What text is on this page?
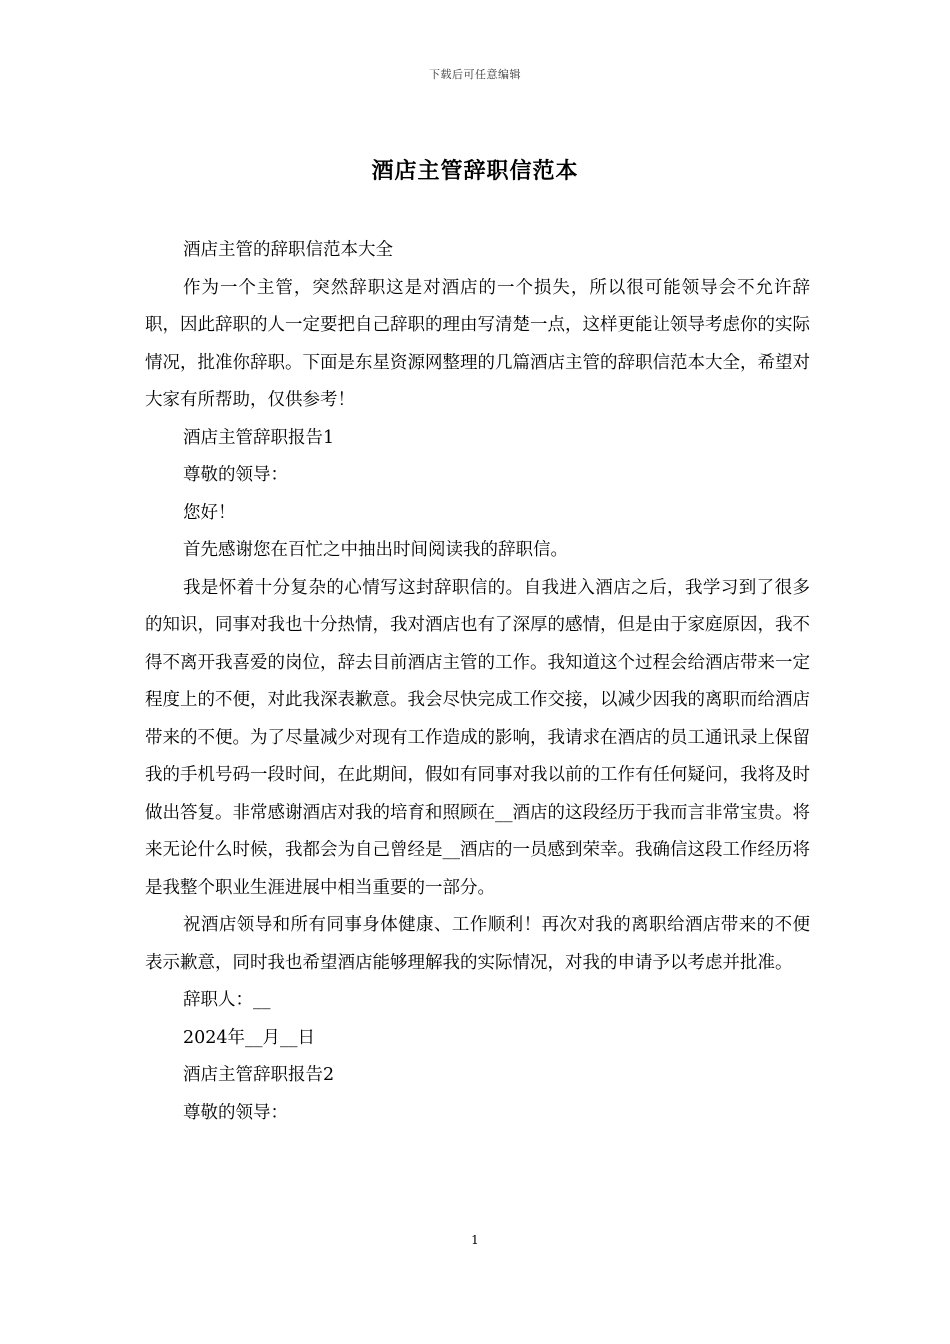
下载后可任意编辑
酒店主管辞职信范本

酒店主管的辞职信范本大全

作为一个主管，突然辞职这是对酒店的一个损失，所以很可能领导会不允许辞职，因此辞职的人一定要把自己辞职的理由写清楚一点，这样更能让领导考虑你的实际情况，批准你辞职。下面是东星资源网整理的几篇酒店主管的辞职信范本大全，希望对大家有所帮助，仅供参考！

酒店主管辞职报告1

尊敬的领导：

您好！

首先感谢您在百忙之中抽出时间阅读我的辞职信。

我是怀着十分复杂的心情写这封辞职信的。自我进入酒店之后，我学习到了很多的知识，同事对我也十分热情，我对酒店也有了深厚的感情，但是由于家庭原因，我不得不离开我喜爱的岗位，辞去目前酒店主管的工作。我知道这个过程会给酒店带来一定程度上的不便，对此我深表歉意。我会尽快完成工作交接，以减少因我的离职而给酒店带来的不便。为了尽量减少对现有工作造成的影响，我请求在酒店的员工通讯录上保留我的手机号码一段时间，在此期间，假如有同事对我以前的工作有任何疑问，我将及时做出答复。非常感谢酒店对我的培育和照顾在__酒店的这段经历于我而言非常宝贵。将来无论什么时候，我都会为自己曾经是__酒店的一员感到荣幸。我确信这段工作经历将是我整个职业生涯进展中相当重要的一部分。

祝酒店领导和所有同事身体健康、工作顺利！再次对我的离职给酒店带来的不便表示歉意，同时我也希望酒店能够理解我的实际情况，对我的申请予以考虑并批准。

辞职人：__

2024年__月__日

酒店主管辞职报告2

尊敬的领导：

1
